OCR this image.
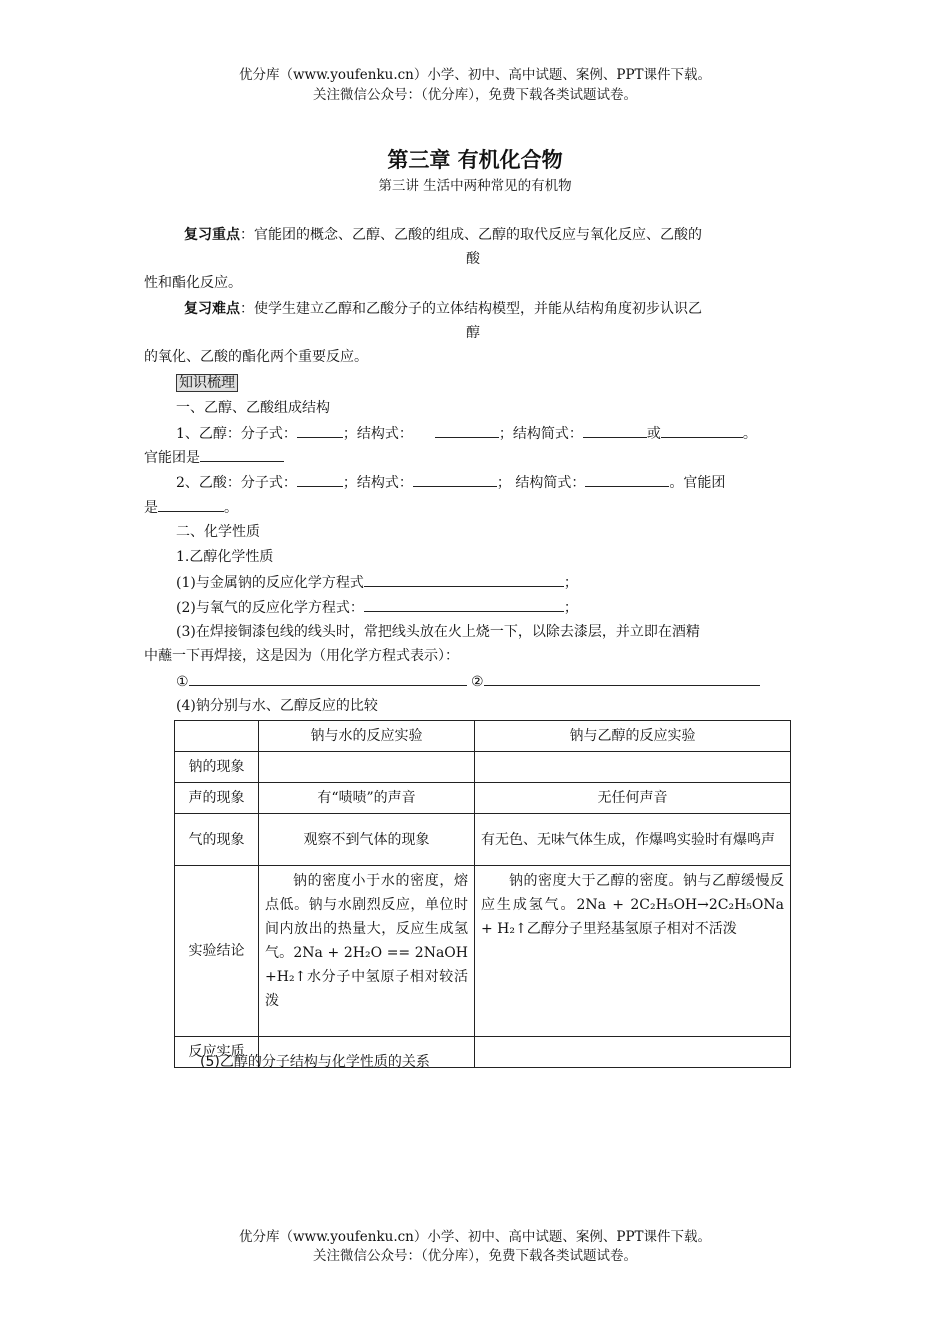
优分库（www.youfenku.cn）小学、初中、高中试题、案例、PPT课件下载。
关注微信公众号：（优分库），免费下载各类试题试卷。
第三章 有机化合物
第三讲 生活中两种常见的有机物
复习重点：官能团的概念、乙醇、乙酸的组成、乙醇的取代反应与氧化反应、乙酸的
酸
性和酯化反应。
复习难点：使学生建立乙醇和乙酸分子的立体结构模型，并能从结构角度初步认识乙
醇
的氧化、乙酸的酯化两个重要反应。
知识梳理
一、乙醇、乙酸组成结构
1、乙醇：分子式：	；结构式：	；结构简式：	或	。
官能团是
2、乙酸：分子式：	；结构式：	； 结构简式：	。官能团
是	。
二、化学性质
1.乙醇化学性质
(1)与金属钠的反应化学方程式	；
(2)与氧气的反应化学方程式：	；
(3)在焊接铜漆包线的线头时，常把线头放在火上烧一下，以除去漆层，并立即在酒精
中蘸一下再焊接，这是因为（用化学方程式表示）：
①	②
(4)钠分别与水、乙醇反应的比较
	钠与水的反应实验	钠与乙醇的反应实验
钠的现象		
声的现象	有“啧啧”的声音	无任何声音
气的现象	观察不到气体的现象	有无色、无味气体生成，作爆鸣实验时有爆鸣声
实验结论	钠的密度小于水的密度，熔点低。钠与水剧烈反应，单位时间内放出的热量大，反应生成氢气。2Na + 2H₂O == 2NaOH +H₂↑水分子中氢原子相对较活泼	钠的密度大于乙醇的密度。钠与乙醇缓慢反应生成氢气。2Na + 2C₂H₅OH→2C₂H₅ONa + H₂↑乙醇分子里羟基氢原子相对不活泼
反应实质		
(5)乙醇的分子结构与化学性质的关系
优分库（www.youfenku.cn）小学、初中、高中试题、案例、PPT课件下载。
关注微信公众号：（优分库），免费下载各类试题试卷。
